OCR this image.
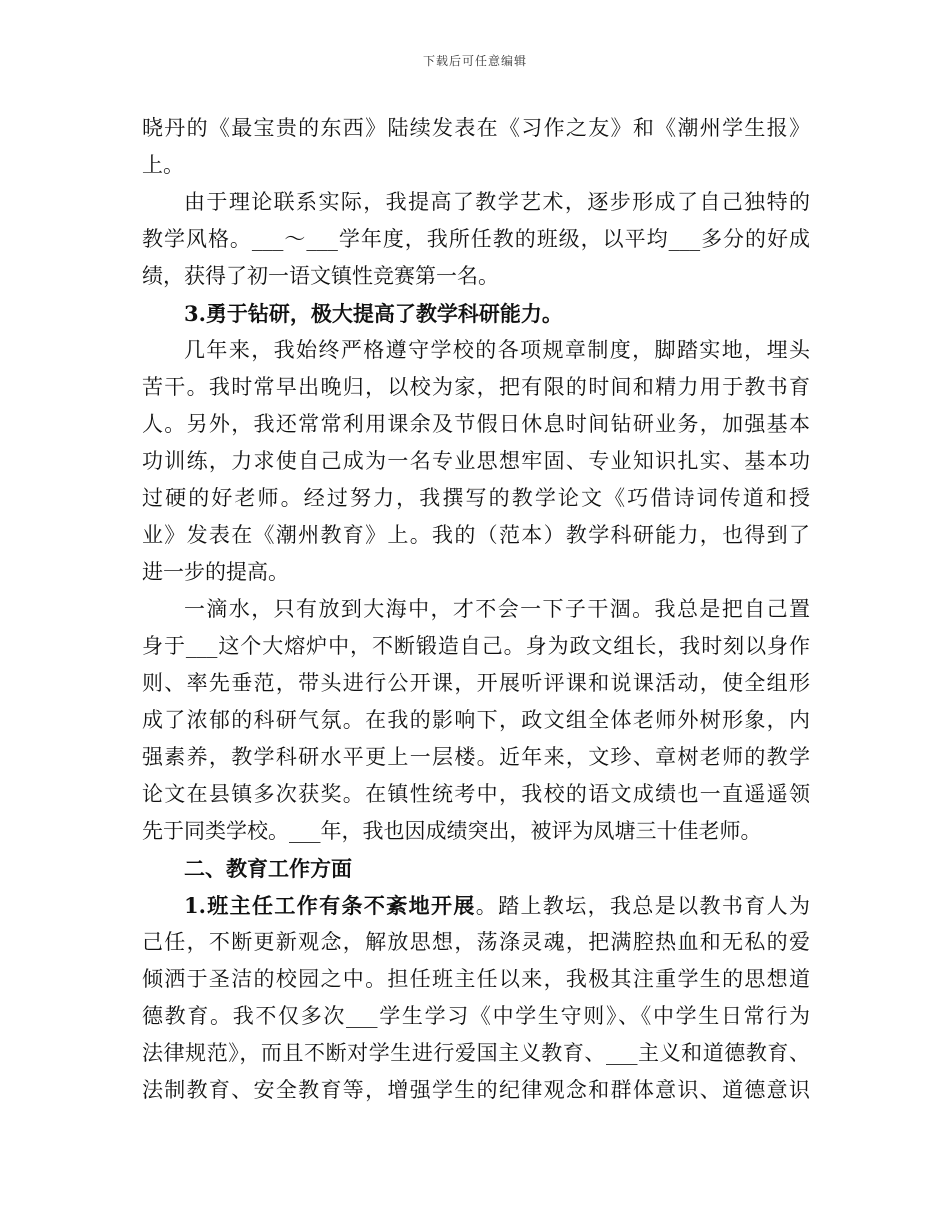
下载后可任意编辑
晓丹的《最宝贵的东西》陆续发表在《习作之友》和《潮州学生报》
上。
由于理论联系实际，我提高了教学艺术，逐步形成了自己独特的
教学风格。___～___学年度，我所任教的班级，以平均___多分的好成
绩，获得了初一语文镇性竞赛第一名。
3.勇于钻研，极大提高了教学科研能力。
几年来，我始终严格遵守学校的各项规章制度，脚踏实地，埋头
苦干。我时常早出晚归，以校为家，把有限的时间和精力用于教书育
人。另外，我还常常利用课余及节假日休息时间钻研业务，加强基本
功训练，力求使自己成为一名专业思想牢固、专业知识扎实、基本功
过硬的好老师。经过努力，我撰写的教学论文《巧借诗词传道和授
业》发表在《潮州教育》上。我的（范本）教学科研能力，也得到了
进一步的提高。
一滴水，只有放到大海中，才不会一下子干涸。我总是把自己置
身于___这个大熔炉中，不断锻造自己。身为政文组长，我时刻以身作
则、率先垂范，带头进行公开课，开展听评课和说课活动，使全组形
成了浓郁的科研气氛。在我的影响下，政文组全体老师外树形象，内
强素养，教学科研水平更上一层楼。近年来，文珍、章树老师的教学
论文在县镇多次获奖。在镇性统考中，我校的语文成绩也一直遥遥领
先于同类学校。___年，我也因成绩突出，被评为凤塘三十佳老师。
二、教育工作方面
1.班主任工作有条不紊地开展。踏上教坛，我总是以教书育人为
己任，不断更新观念，解放思想，荡涤灵魂，把满腔热血和无私的爱
倾洒于圣洁的校园之中。担任班主任以来，我极其注重学生的思想道
德教育。我不仅多次___学生学习《中学生守则》、《中学生日常行为
法律规范》，而且不断对学生进行爱国主义教育、___主义和道德教育、
法制教育、安全教育等，增强学生的纪律观念和群体意识、道德意识
